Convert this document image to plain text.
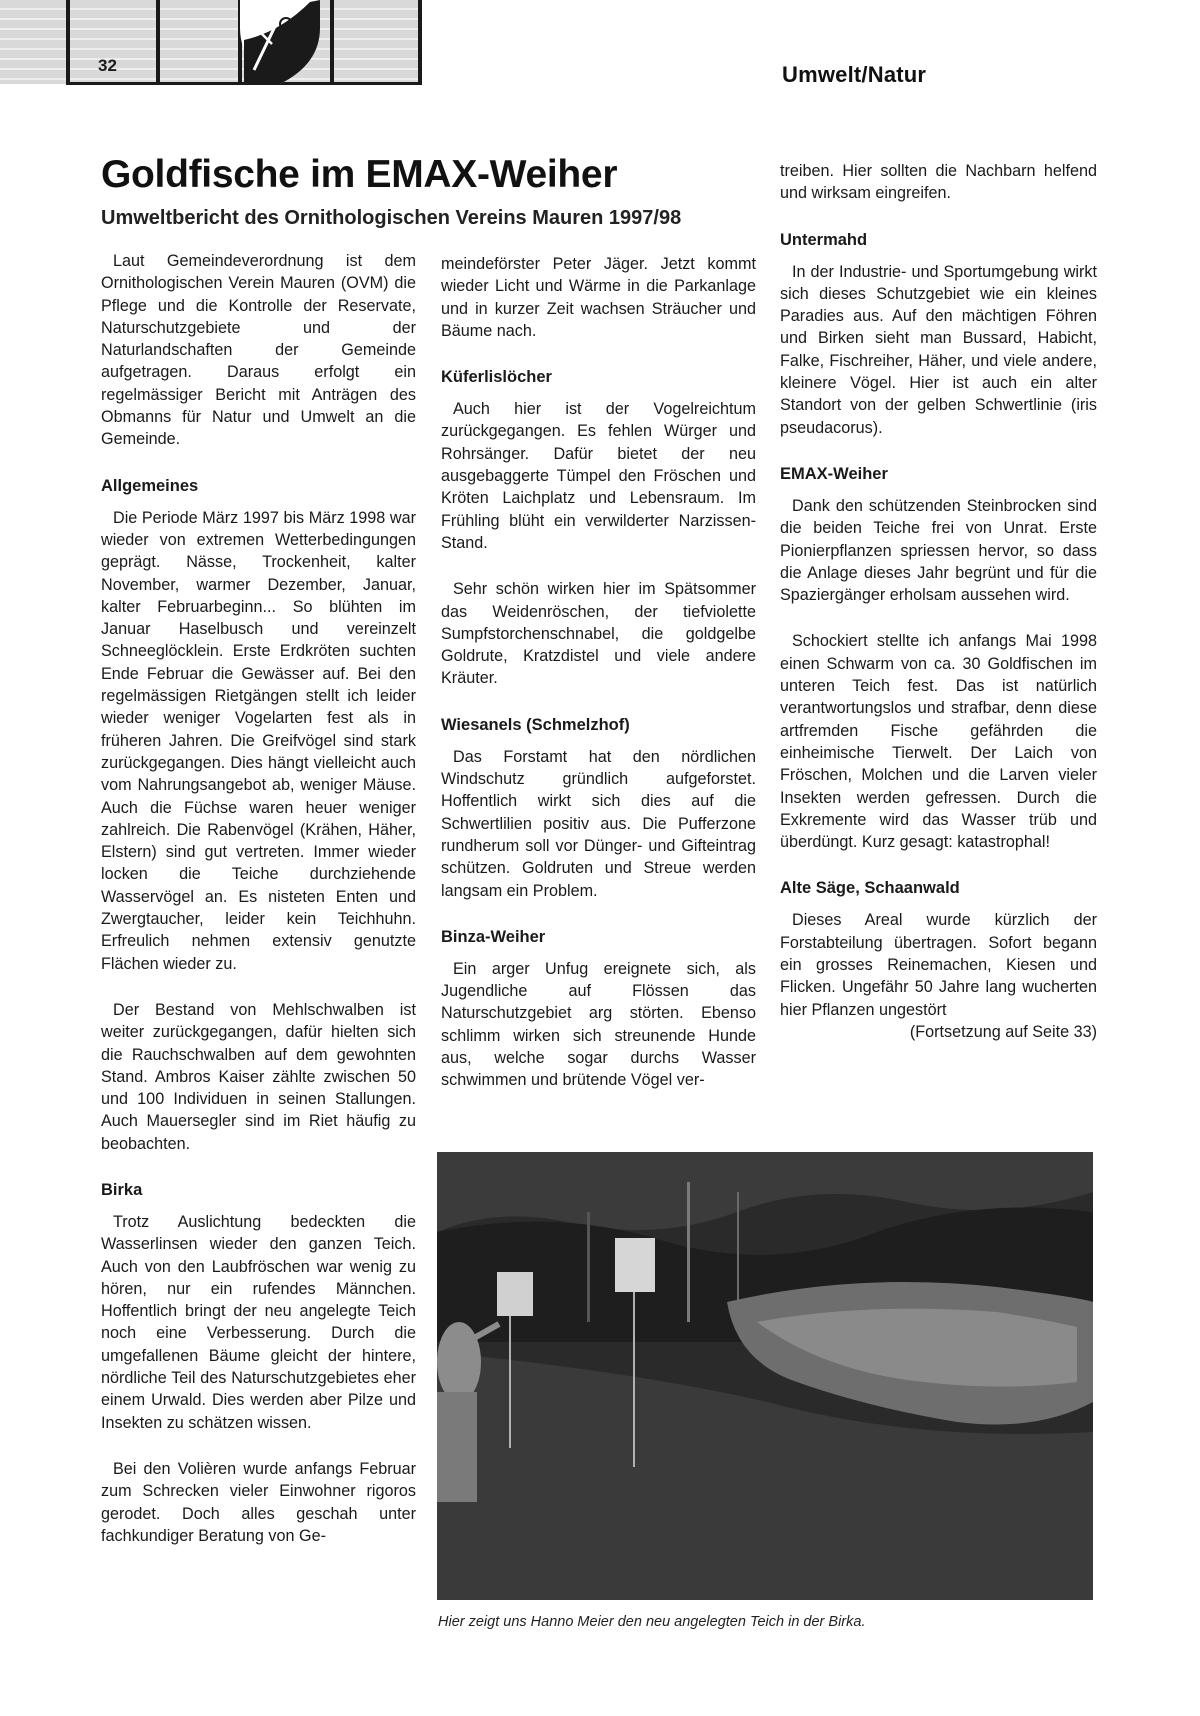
32	Umwelt/Natur
Goldfische im EMAX-Weiher
Umweltbericht des Ornithologischen Vereins Mauren 1997/98

Laut Gemeindeverordnung ist dem Ornithologischen Verein Mauren (OVM) die Pflege und die Kontrolle der Reservate, Naturschutzgebiete und der Naturlandschaften der Gemeinde aufgetragen. Daraus erfolgt ein regelmässiger Bericht mit Anträgen des Obmanns für Natur und Umwelt an die Gemeinde.

Allgemeines

Die Periode März 1997 bis März 1998 war wieder von extremen Wetterbedingungen geprägt. Nässe, Trockenheit, kalter November, warmer Dezember, Januar, kalter Februarbeginn... So blühten im Januar Haselbusch und vereinzelt Schneeglöcklein. Erste Erdkröten suchten Ende Februar die Gewässer auf. Bei den regelmässigen Rietgängen stellt ich leider wieder weniger Vogelarten fest als in früheren Jahren. Die Greifvögel sind stark zurückgegangen. Dies hängt vielleicht auch vom Nahrungsangebot ab, weniger Mäuse. Auch die Füchse waren heuer weniger zahlreich. Die Rabenvögel (Krähen, Häher, Elstern) sind gut vertreten. Immer wieder locken die Teiche durchziehende Wasservögel an. Es nisteten Enten und Zwergtaucher, leider kein Teichhuhn. Erfreulich nehmen extensiv genutzte Flächen wieder zu.

Der Bestand von Mehlschwalben ist weiter zurückgegangen, dafür hielten sich die Rauchschwalben auf dem gewohnten Stand. Ambros Kaiser zählte zwischen 50 und 100 Individuen in seinen Stallungen. Auch Mauersegler sind im Riet häufig zu beobachten.

Birka

Trotz Auslichtung bedeckten die Wasserlinsen wieder den ganzen Teich. Auch von den Laubfröschen war wenig zu hören, nur ein rufendes Männchen. Hoffentlich bringt der neu angelegte Teich noch eine Verbesserung. Durch die umgefallenen Bäume gleicht der hintere, nördliche Teil des Naturschutzgebietes eher einem Urwald. Dies werden aber Pilze und Insekten zu schätzen wissen.

Bei den Volièren wurde anfangs Februar zum Schrecken vieler Einwohner rigoros gerodet. Doch alles geschah unter fachkundiger Beratung von Ge-

meindeförster Peter Jäger. Jetzt kommt wieder Licht und Wärme in die Parkanlage und in kurzer Zeit wachsen Sträucher und Bäume nach.

Küferlislöcher

Auch hier ist der Vogelreichtum zurückgegangen. Es fehlen Würger und Rohrsänger. Dafür bietet der neu ausgebaggerte Tümpel den Fröschen und Kröten Laichplatz und Lebensraum. Im Frühling blüht ein verwilderter Narzissen-Stand.

Sehr schön wirken hier im Spätsommer das Weidenröschen, der tiefviolette Sumpfstorchenschnabel, die goldgelbe Goldrute, Kratzdistel und viele andere Kräuter.

Wiesanels (Schmelzhof)

Das Forstamt hat den nördlichen Windschutz gründlich aufgeforstet. Hoffentlich wirkt sich dies auf die Schwertlilien positiv aus. Die Pufferzone rundherum soll vor Dünger- und Gifteintrag schützen. Goldruten und Streue werden langsam ein Problem.

Binza-Weiher

Ein arger Unfug ereignete sich, als Jugendliche auf Flössen das Naturschutzgebiet arg störten. Ebenso schlimm wirken sich streunende Hunde aus, welche sogar durchs Wasser schwimmen und brütende Vögel ver-

treiben. Hier sollten die Nachbarn helfend und wirksam eingreifen.

Untermahd

In der Industrie- und Sportumgebung wirkt sich dieses Schutzgebiet wie ein kleines Paradies aus. Auf den mächtigen Föhren und Birken sieht man Bussard, Habicht, Falke, Fischreiher, Häher, und viele andere, kleinere Vögel. Hier ist auch ein alter Standort von der gelben Schwertlinie (iris pseudacorus).

EMAX-Weiher

Dank den schützenden Steinbrocken sind die beiden Teiche frei von Unrat. Erste Pionierpflanzen spriessen hervor, so dass die Anlage dieses Jahr begrünt und für die Spaziergänger erholsam aussehen wird.

Schockiert stellte ich anfangs Mai 1998 einen Schwarm von ca. 30 Goldfischen im unteren Teich fest. Das ist natürlich verantwortungslos und strafbar, denn diese artfremden Fische gefährden die einheimische Tierwelt. Der Laich von Fröschen, Molchen und die Larven vieler Insekten werden gefressen. Durch die Exkremente wird das Wasser trüb und überdüngt. Kurz gesagt: katastrophal!

Alte Säge, Schaanwald

Dieses Areal wurde kürzlich der Forstabteilung übertragen. Sofort begann ein grosses Reinemachen, Kiesen und Flicken. Ungefähr 50 Jahre lang wucherten hier Pflanzen ungestört

(Fortsetzung auf Seite 33)
Hier zeigt uns Hanno Meier den neu angelegten Teich in der Birka.
